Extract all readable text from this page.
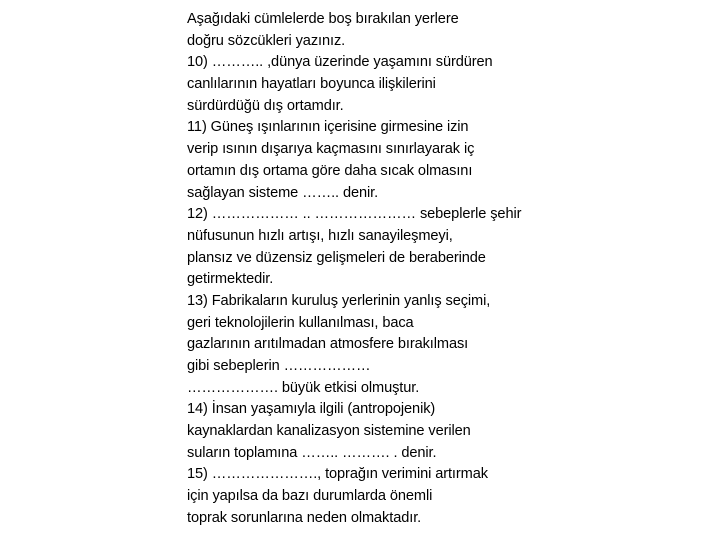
Aşağıdaki cümlelerde boş bırakılan yerlere
doğru sözcükleri yazınız.
10) ……….. ,dünya üzerinde yaşamını sürdüren
canlılarının hayatları boyunca ilişkilerini
sürdürdüğü dış ortamdır.
11) Güneş ışınlarının içerisine girmesine izin
verip ısının dışarıya kaçmasını sınırlayarak iç
ortamın dış ortama göre daha sıcak olmasını
sağlayan sisteme …….. denir.
12) ……………… .. ………………… sebeplerle şehir
nüfusunun hızlı artışı, hızlı sanayileşmeyi,
plansız ve düzensiz gelişmeleri de beraberinde
getirmektedir.
13) Fabrikaların kuruluş yerlerinin yanlış seçimi,
geri teknolojilerin kullanılması, baca
gazlarının arıtılmadan atmosfere bırakılması
gibi sebeplerin ………………
………………. büyük etkisi olmuştur.
14) İnsan yaşamıyla ilgili (antropojenik)
kaynaklardan kanalizasyon sistemine verilen
suların toplamına …….. ………. . denir.
15) …………………., toprağın verimini artırmak
için yapılsa da bazı durumlarda önemli
toprak sorunlarına neden olmaktadır.
